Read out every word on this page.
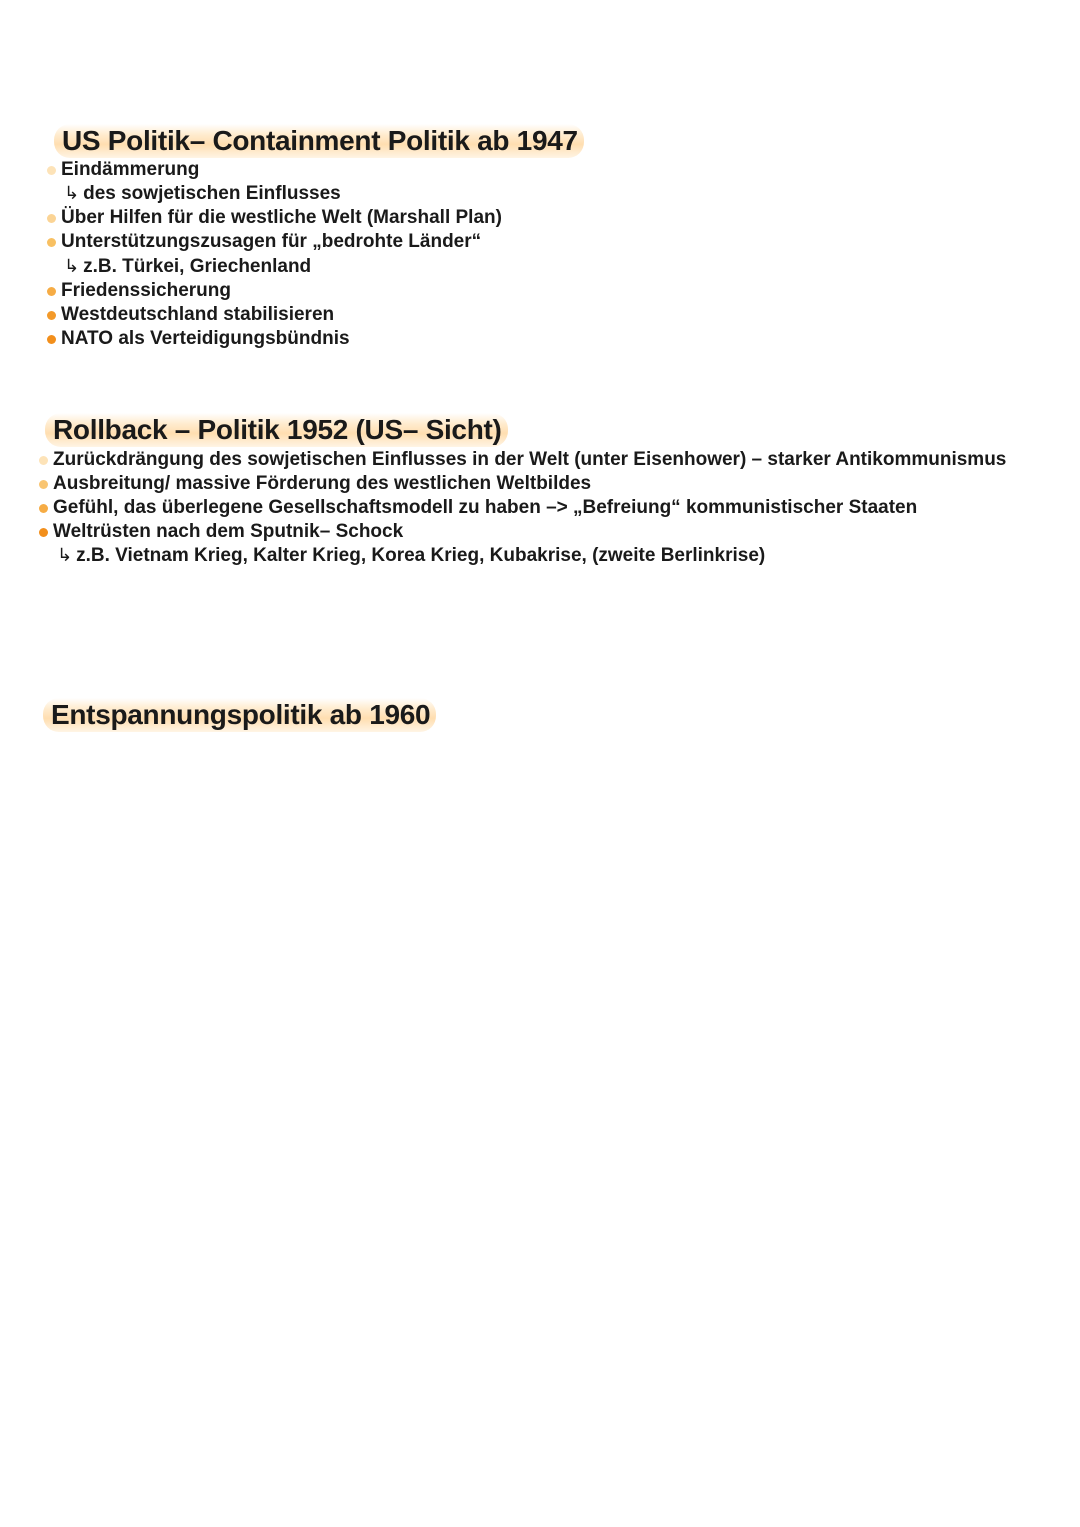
US Politik– Containment Politik ab 1947
Eindämmerung
↳ des sowjetischen Einflusses
Über Hilfen für die westliche Welt (Marshall Plan)
Unterstützungszusagen für „bedrohte Länder“
↳ z.B. Türkei, Griechenland
Friedenssicherung
Westdeutschland stabilisieren
NATO als Verteidigungsbündnis
Rollback – Politik 1952 (US– Sicht)
Zurückdrängung des sowjetischen Einflusses in der Welt (unter Eisenhower) – starker Antikommunismus
Ausbreitung/ massive Förderung des westlichen Weltbildes
Gefühl, das überlegene Gesellschaftsmodell zu haben –> „Befreiung“ kommunistischer Staaten
Weltrüsten nach dem Sputnik– Schock
↳ z.B. Vietnam Krieg, Kalter Krieg, Korea Krieg, Kubakrise, (zweite Berlinkrise)
Entspannungspolitik ab 1960
